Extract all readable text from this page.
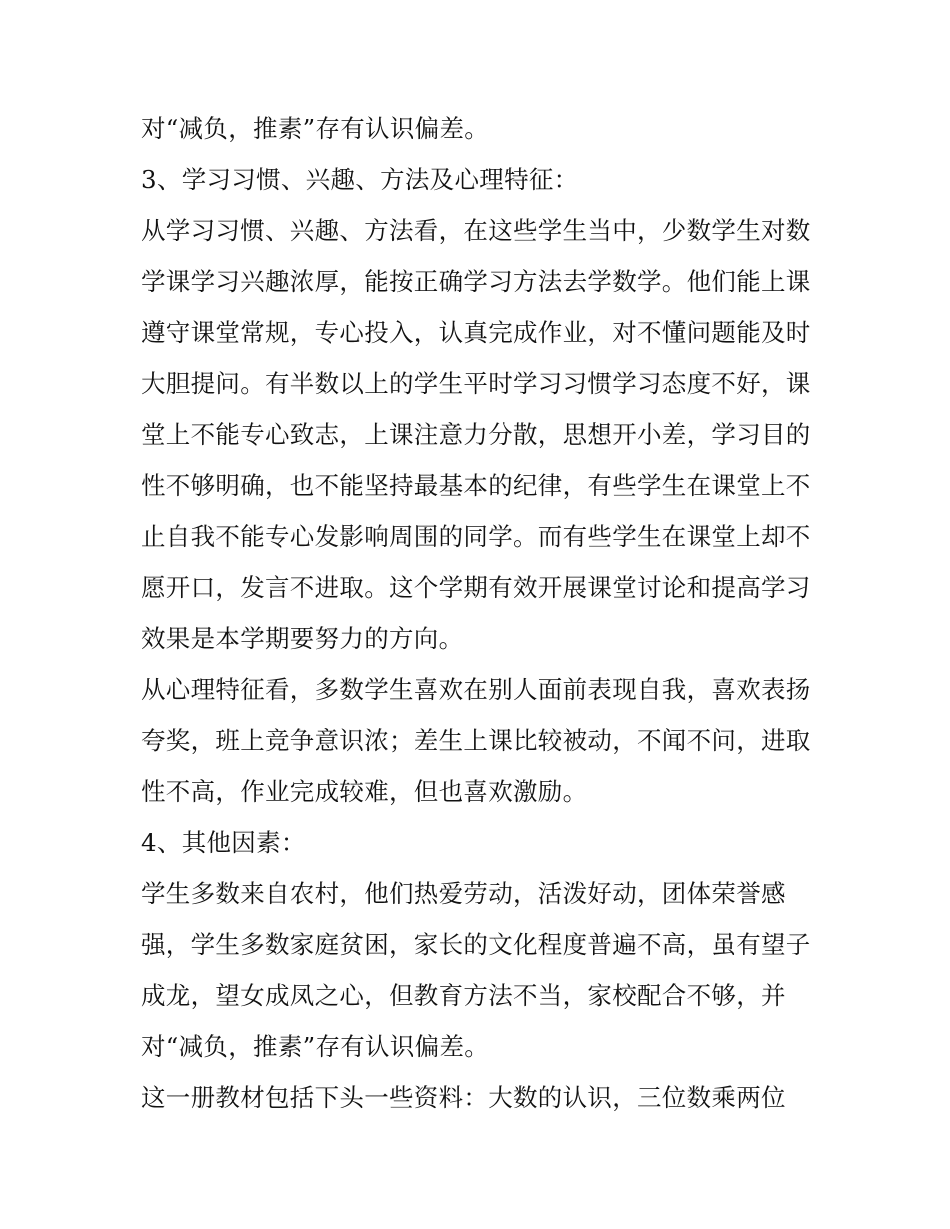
对“减负，推素”存有认识偏差。
3、学习习惯、兴趣、方法及心理特征：
从学习习惯、兴趣、方法看，在这些学生当中，少数学生对数
学课学习兴趣浓厚，能按正确学习方法去学数学。他们能上课
遵守课堂常规，专心投入，认真完成作业，对不懂问题能及时
大胆提问。有半数以上的学生平时学习习惯学习态度不好，课
堂上不能专心致志，上课注意力分散，思想开小差，学习目的
性不够明确，也不能坚持最基本的纪律，有些学生在课堂上不
止自我不能专心发影响周围的同学。而有些学生在课堂上却不
愿开口，发言不进取。这个学期有效开展课堂讨论和提高学习
效果是本学期要努力的方向。
从心理特征看，多数学生喜欢在别人面前表现自我，喜欢表扬
夸奖，班上竞争意识浓；差生上课比较被动，不闻不问，进取
性不高，作业完成较难，但也喜欢激励。
4、其他因素：
学生多数来自农村，他们热爱劳动，活泼好动，团体荣誉感
强，学生多数家庭贫困，家长的文化程度普遍不高，虽有望子
成龙，望女成凤之心，但教育方法不当，家校配合不够，并
对“减负，推素”存有认识偏差。
这一册教材包括下头一些资料：大数的认识，三位数乘两位
